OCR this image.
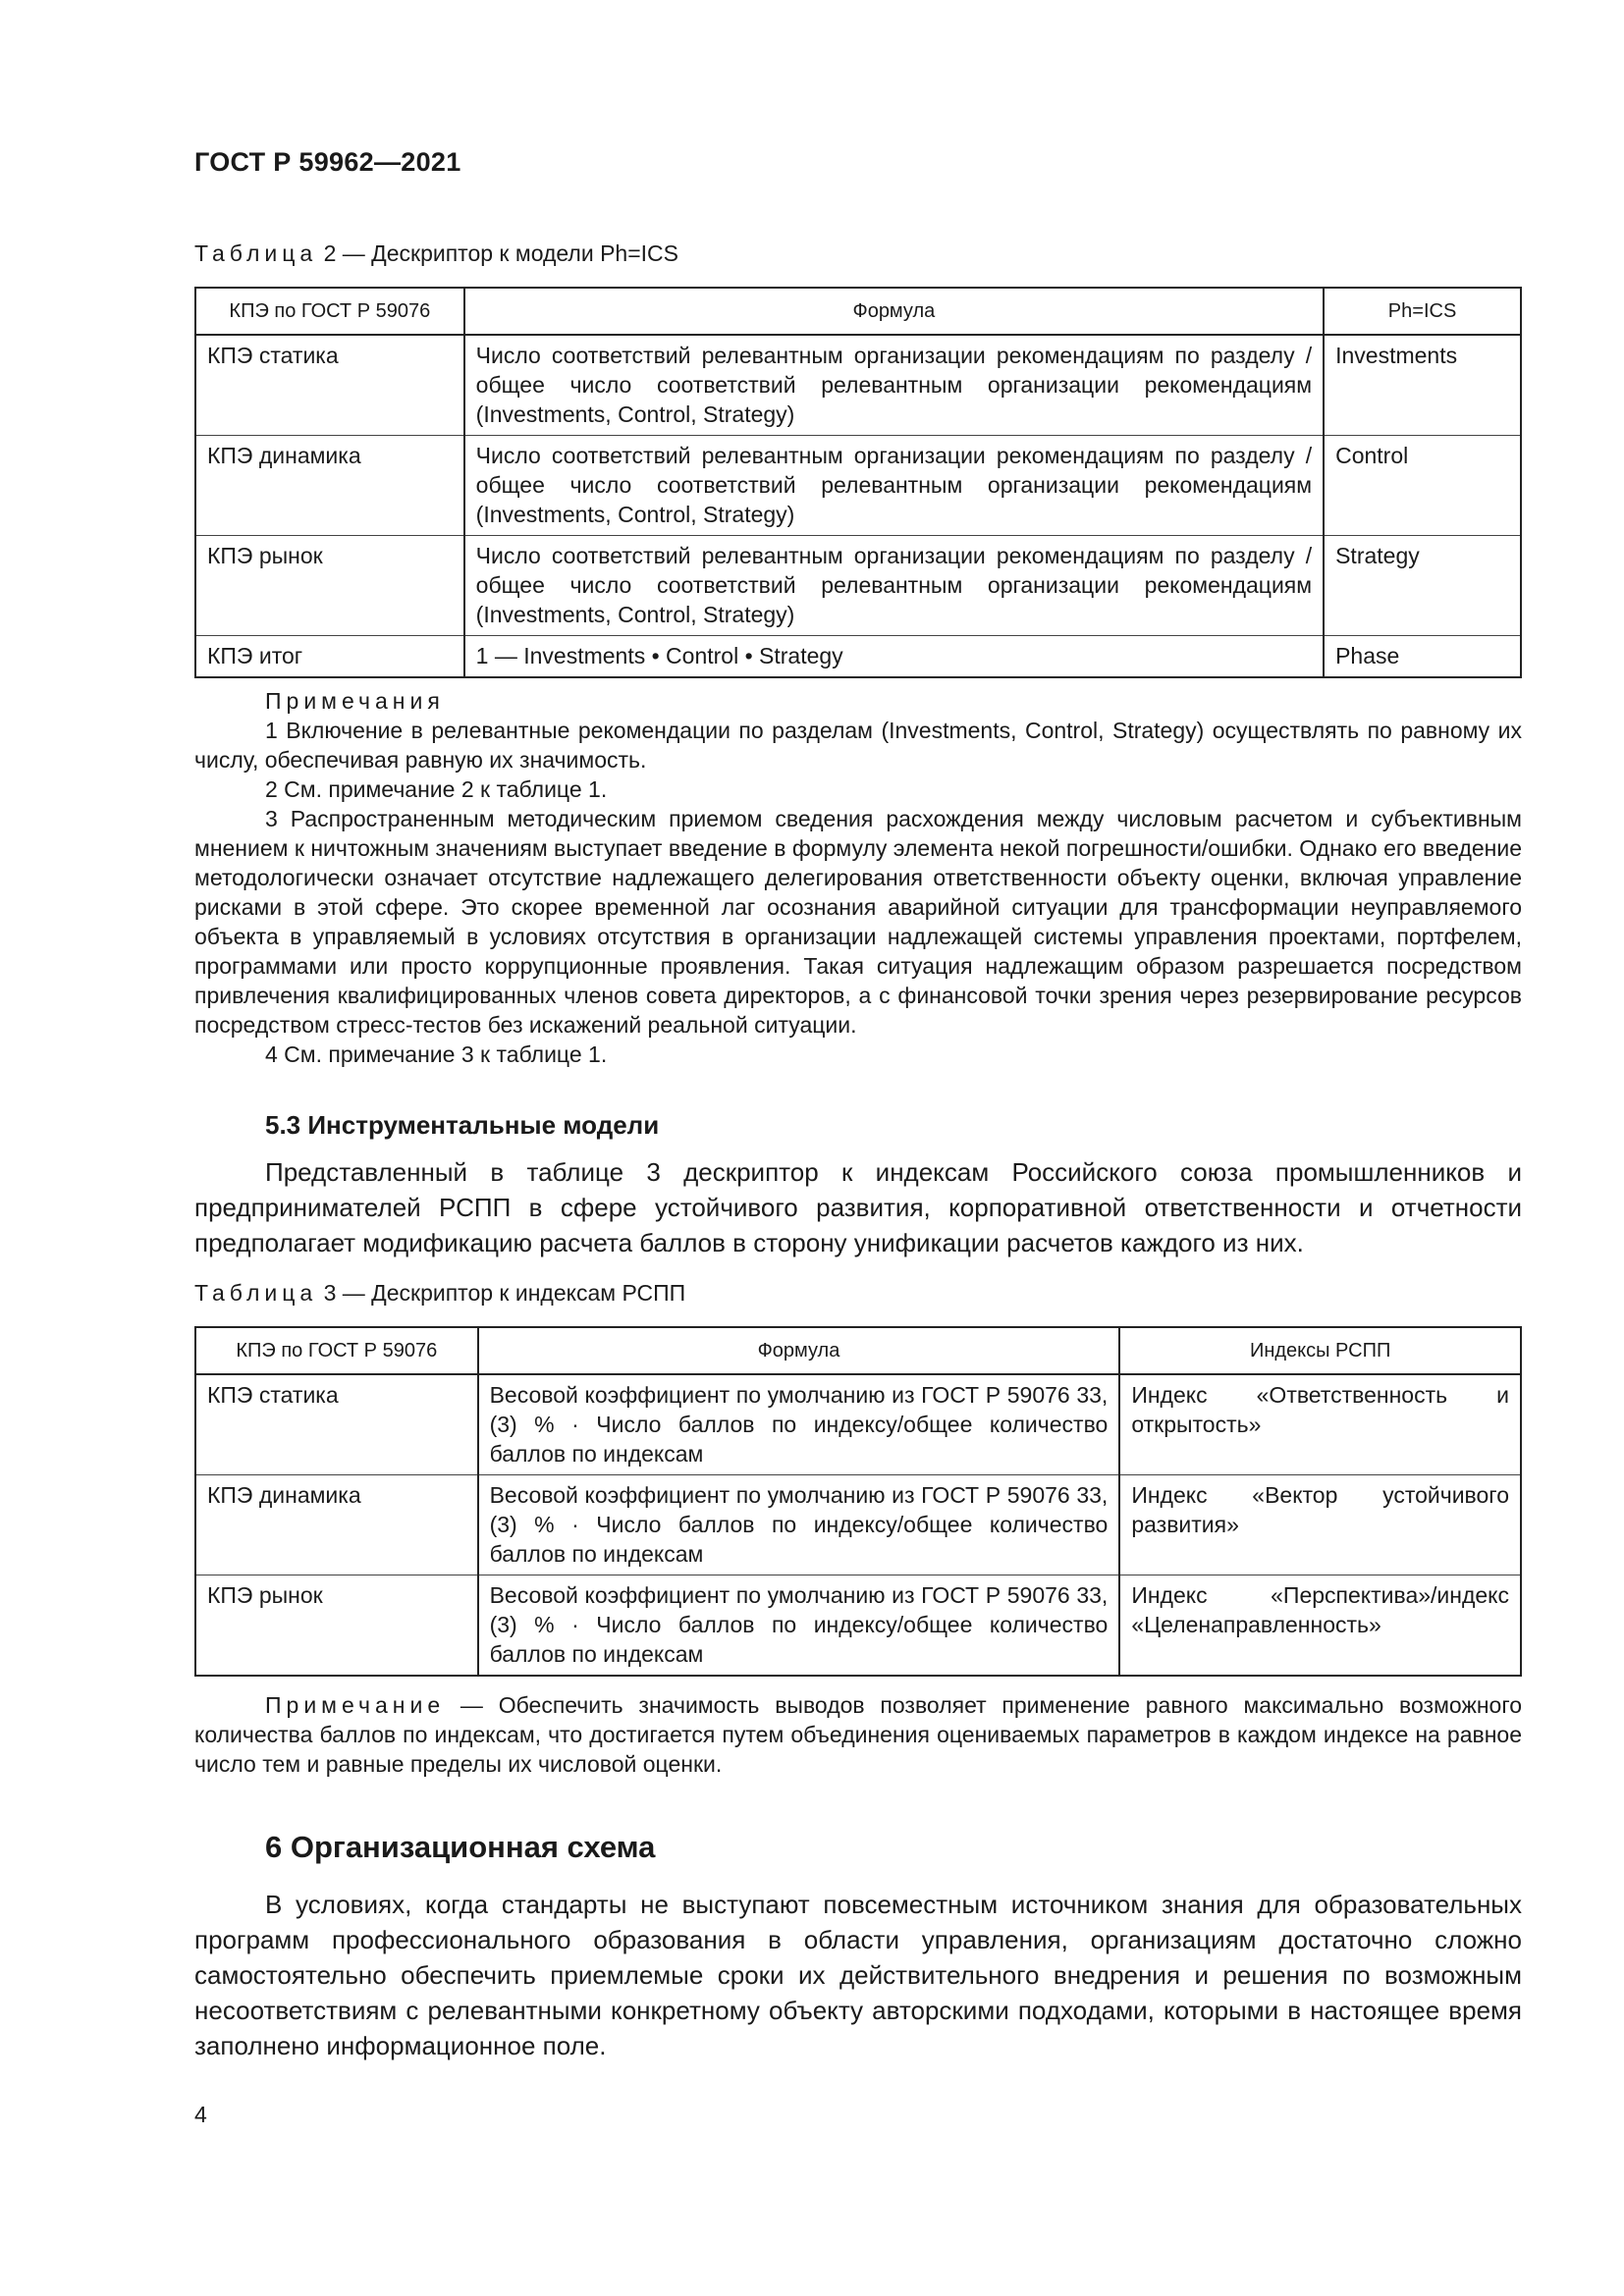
ГОСТ Р 59962—2021

Таблица 2 — Дескриптор к модели Ph=ICS
КПЭ по ГОСТ Р 59076	Формула	Ph=ICS
КПЭ статика	Число соответствий релевантным организации рекомендациям по разделу / общее число соответствий релевантным организации рекомендациям (Investments, Control, Strategy)	Investments
КПЭ динамика	Число соответствий релевантным организации рекомендациям по разделу / общее число соответствий релевантным организации рекомендациям (Investments, Control, Strategy)	Control
КПЭ рынок	Число соответствий релевантным организации рекомендациям по разделу / общее число соответствий релевантным организации рекомендациям (Investments, Control, Strategy)	Strategy
КПЭ итог	1 — Investments • Control • Strategy	Phase

Примечания

1 Включение в релевантные рекомендации по разделам (Investments, Control, Strategy) осуществлять по равному их числу, обеспечивая равную их значимость.

2 См. примечание 2 к таблице 1.

3 Распространенным методическим приемом сведения расхождения между числовым расчетом и субъективным мнением к ничтожным значениям выступает введение в формулу элемента некой погрешности/ошибки. Однако его введение методологически означает отсутствие надлежащего делегирования ответственности объекту оценки, включая управление рисками в этой сфере. Это скорее временной лаг осознания аварийной ситуации для трансформации неуправляемого объекта в управляемый в условиях отсутствия в организации надлежащей системы управления проектами, портфелем, программами или просто коррупционные проявления. Такая ситуация надлежащим образом разрешается посредством привлечения квалифицированных членов совета директоров, а с финансовой точки зрения через резервирование ресурсов посредством стресс-тестов без искажений реальной ситуации.

4 См. примечание 3 к таблице 1.

5.3 Инструментальные модели

Представленный в таблице 3 дескриптор к индексам Российского союза промышленников и предпринимателей РСПП в сфере устойчивого развития, корпоративной ответственности и отчетности предполагает модификацию расчета баллов в сторону унификации расчетов каждого из них.

Таблица 3 — Дескриптор к индексам РСПП
КПЭ по ГОСТ Р 59076	Формула	Индексы РСПП
КПЭ статика	Весовой коэффициент по умолчанию из ГОСТ Р 59076 33,(3) % · Число баллов по индексу/общее количество баллов по индексам	Индекс «Ответственность и открытость»
КПЭ динамика	Весовой коэффициент по умолчанию из ГОСТ Р 59076 33,(3) % · Число баллов по индексу/общее количество баллов по индексам	Индекс «Вектор устойчивого развития»
КПЭ рынок	Весовой коэффициент по умолчанию из ГОСТ Р 59076 33, (3) % · Число баллов по индексу/общее количество баллов по индексам	Индекс «Перспектива»/индекс «Целенаправленность»

Примечание — Обеспечить значимость выводов позволяет применение равного максимально возможного количества баллов по индексам, что достигается путем объединения оцениваемых параметров в каждом индексе на равное число тем и равные пределы их числовой оценки.

6 Организационная схема

В условиях, когда стандарты не выступают повсеместным источником знания для образовательных программ профессионального образования в области управления, организациям достаточно сложно самостоятельно обеспечить приемлемые сроки их действительного внедрения и решения по возможным несоответствиям с релевантными конкретному объекту авторскими подходами, которыми в настоящее время заполнено информационное поле.

4
